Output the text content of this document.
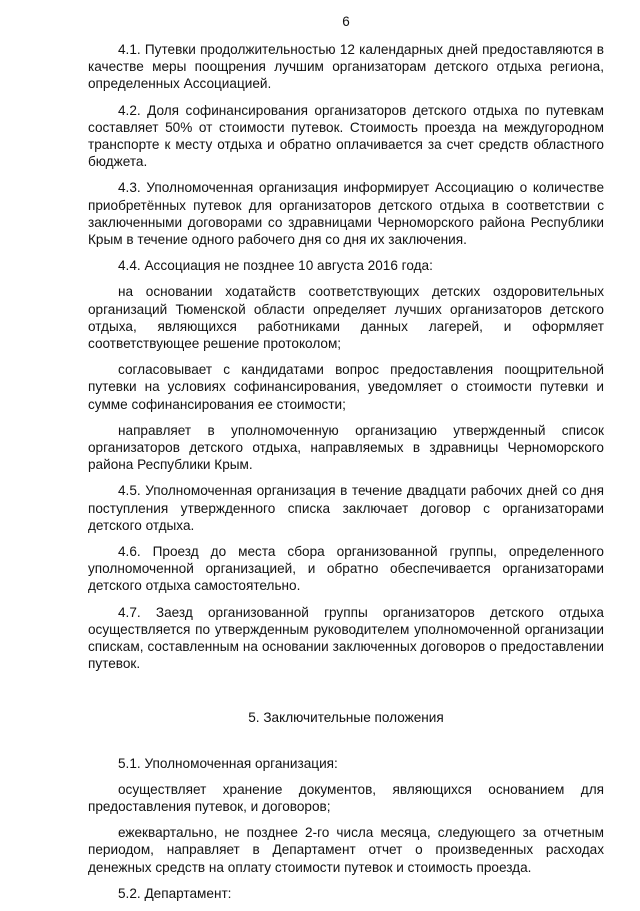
6

4.1. Путевки продолжительностью 12 календарных дней предоставляются в качестве меры поощрения лучшим организаторам детского отдыха региона, определенных Ассоциацией.

4.2. Доля софинансирования организаторов детского отдыха по путевкам составляет 50% от стоимости путевок. Стоимость проезда на междугородном транспорте к месту отдыха и обратно оплачивается за счет средств областного бюджета.

4.3. Уполномоченная организация информирует Ассоциацию о количестве приобретённых путевок для организаторов детского отдыха в соответствии с заключенными договорами со здравницами Черноморского района Республики Крым в течение одного рабочего дня со дня их заключения.

4.4. Ассоциация не позднее 10 августа 2016 года:

на основании ходатайств соответствующих детских оздоровительных организаций Тюменской области определяет лучших организаторов детского отдыха, являющихся работниками данных лагерей, и оформляет соответствующее решение протоколом;

согласовывает с кандидатами вопрос предоставления поощрительной путевки на условиях софинансирования, уведомляет о стоимости путевки и сумме софинансирования ее стоимости;

направляет в уполномоченную организацию утвержденный список организаторов детского отдыха, направляемых в здравницы Черноморского района Республики Крым.

4.5. Уполномоченная организация в течение двадцати рабочих дней со дня поступления утвержденного списка заключает договор с организаторами детского отдыха.

4.6. Проезд до места сбора организованной группы, определенного уполномоченной организацией, и обратно обеспечивается организаторами детского отдыха самостоятельно.

4.7. Заезд организованной группы организаторов детского отдыха осуществляется по утвержденным руководителем уполномоченной организации спискам, составленным на основании заключенных договоров о предоставлении путевок.

5. Заключительные положения

5.1. Уполномоченная организация:

осуществляет хранение документов, являющихся основанием для предоставления путевок, и договоров;

ежеквартально, не позднее 2-го числа месяца, следующего за отчетным периодом, направляет в Департамент отчет о произведенных расходах денежных средств на оплату стоимости путевок и стоимость проезда.

5.2. Департамент:
